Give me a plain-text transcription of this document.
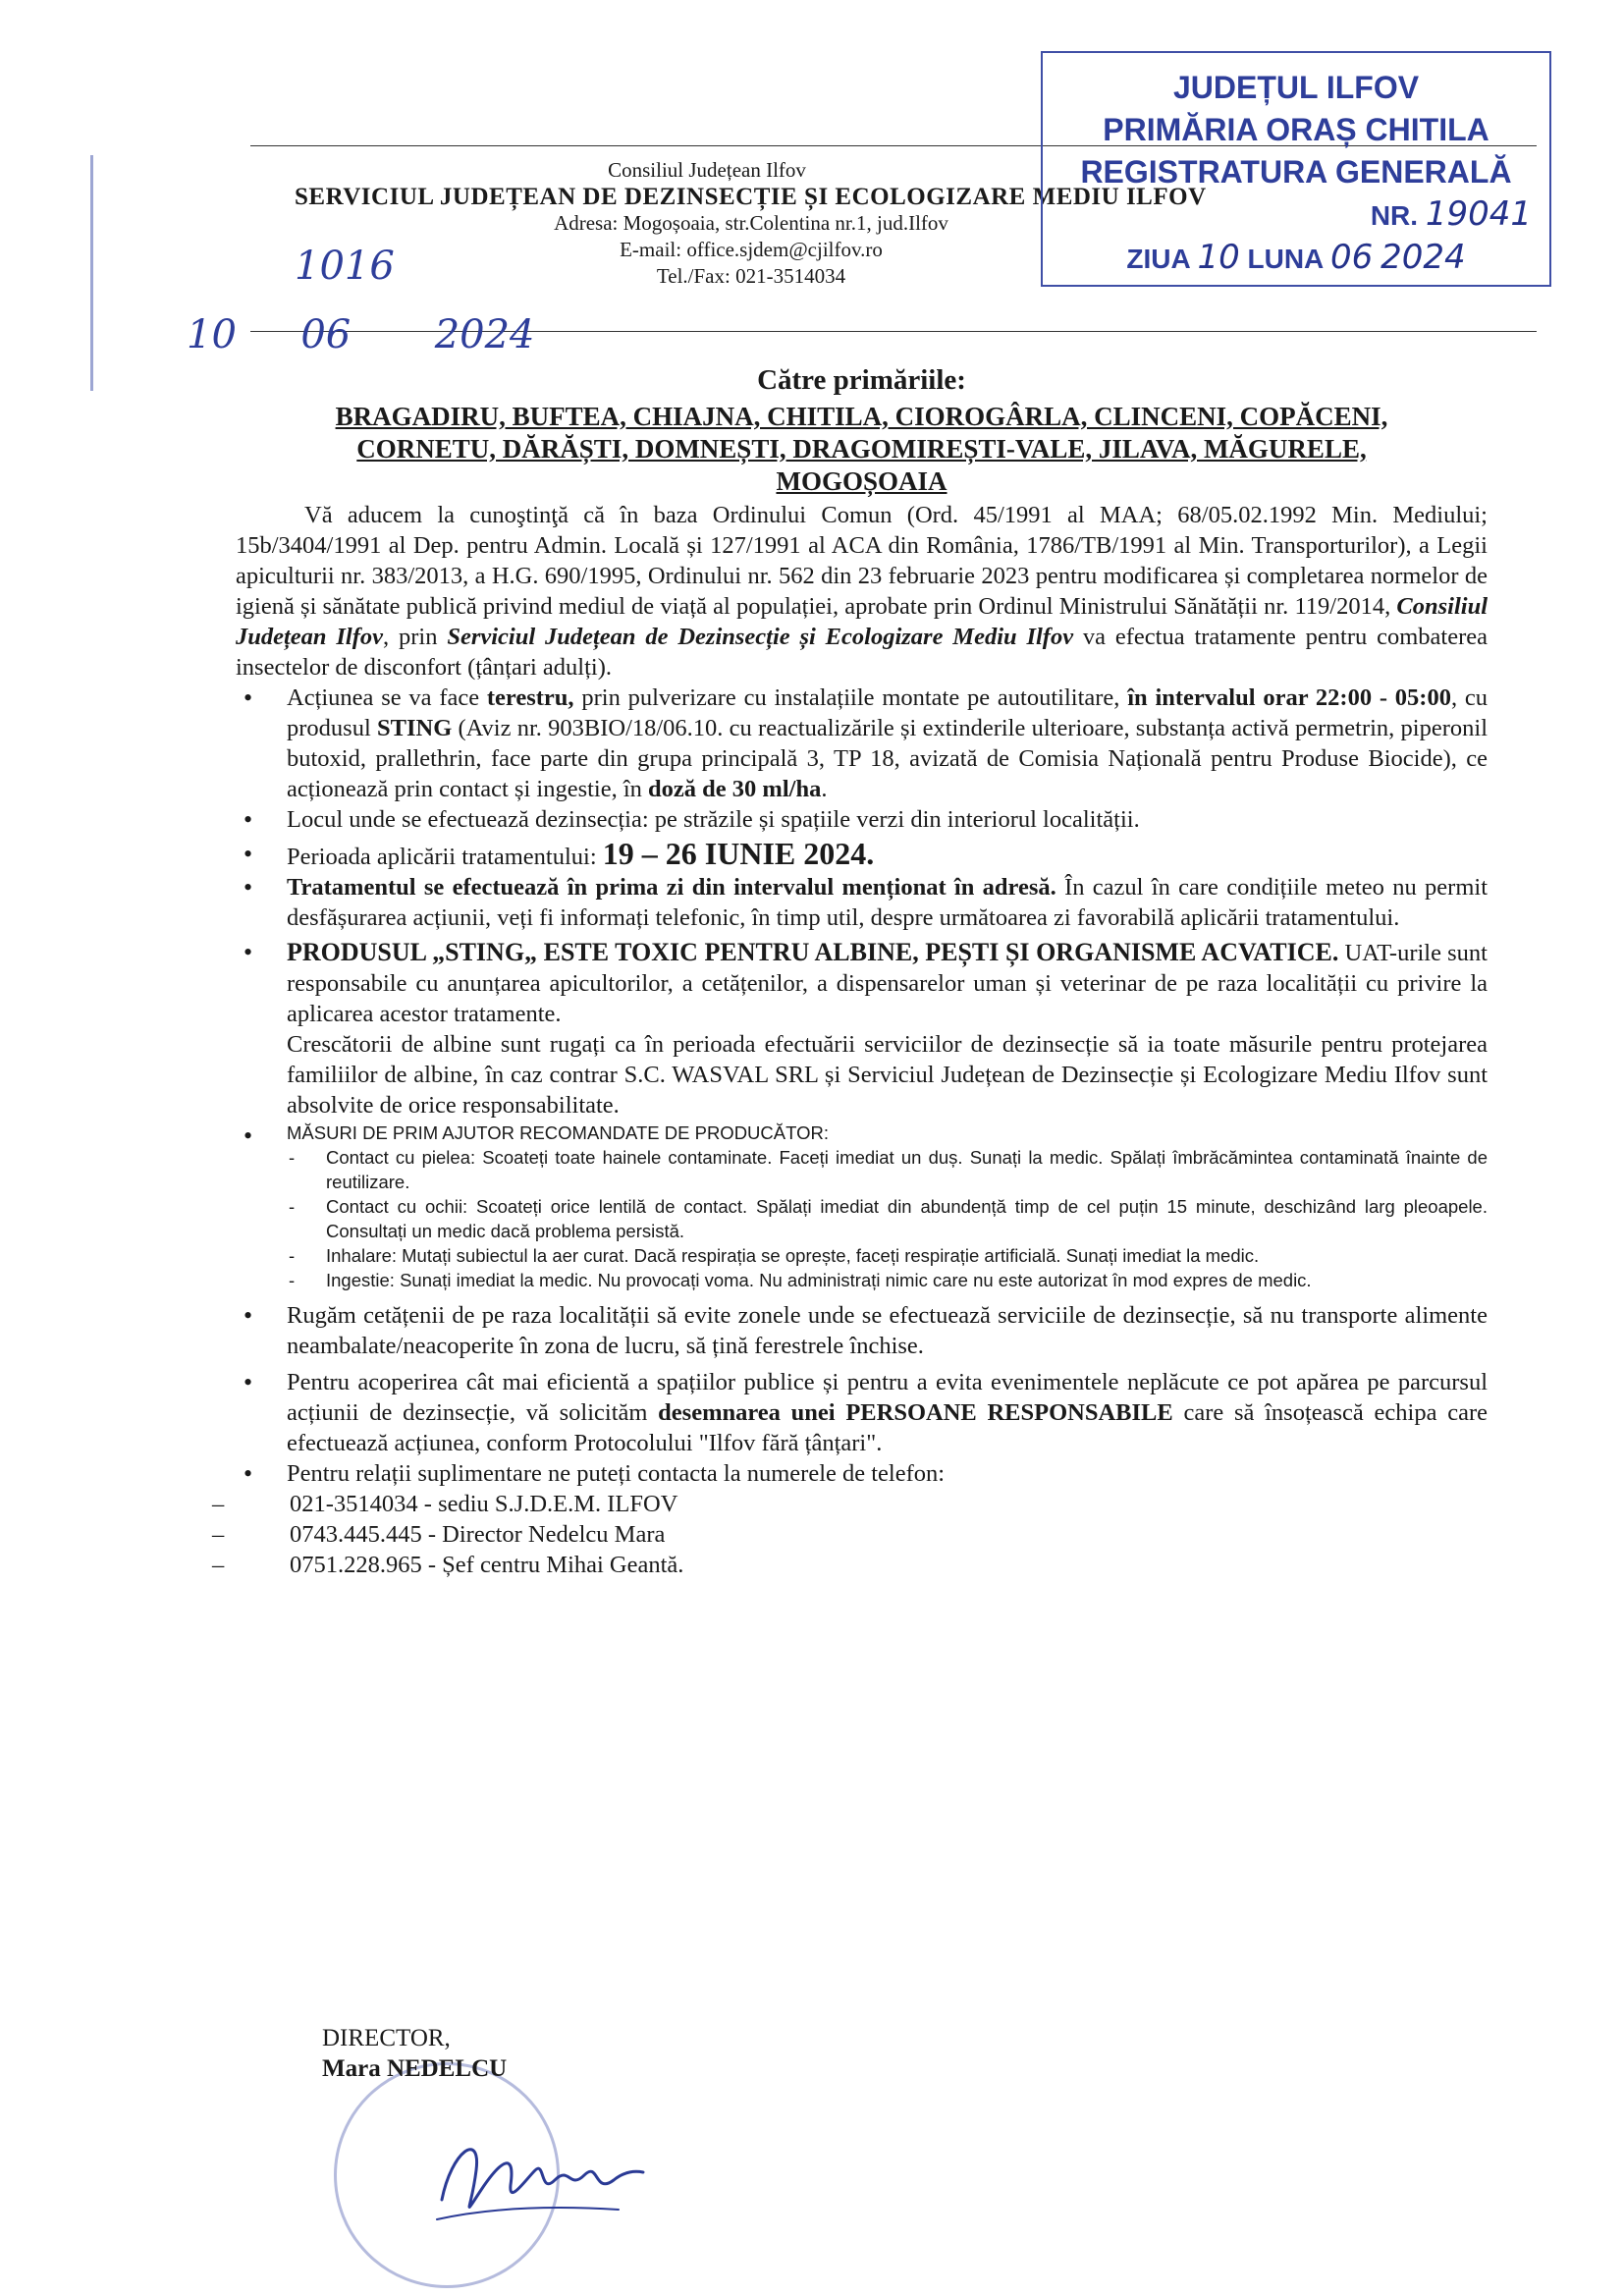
Consiliul Județean Ilfov
SERVICIUL JUDEȚEAN DE DEZINSECȚIE ȘI ECOLOGIZARE MEDIU ILFOV
Adresa: Mogoșoaia, str.Colentina nr.1, jud.Ilfov
E-mail: office.sjdem@cjilfov.ro
Tel./Fax: 021-3514034
JUDEȚUL ILFOV
PRIMĂRIA ORAȘ CHITILA
REGISTRATURA GENERALĂ
NR. 19041
ZIUA 10 LUNA 06 2024
1016
10 06 2024

Către primăriile:

BRAGADIRU, BUFTEA, CHIAJNA, CHITILA, CIOROGÂRLA, CLINCENI, COPĂCENI,
CORNETU, DĂRĂȘTI, DOMNEȘTI, DRAGOMIREȘTI-VALE, JILAVA, MĂGURELE,
MOGOȘOAIA

Vă aducem la cunoştinţă că în baza Ordinului Comun (Ord. 45/1991 al MAA; 68/05.02.1992 Min. Mediului; 15b/3404/1991 al Dep. pentru Admin. Locală și 127/1991 al ACA din România, 1786/TB/1991 al Min. Transporturilor), a Legii apiculturii nr. 383/2013, a H.G. 690/1995, Ordinului nr. 562 din 23 februarie 2023 pentru modificarea și completarea normelor de igienă și sănătate publică privind mediul de viață al populației, aprobate prin Ordinul Ministrului Sănătății nr. 119/2014, Consiliul Județean Ilfov, prin Serviciul Județean de Dezinsecție și Ecologizare Mediu Ilfov va efectua tratamente pentru combaterea insectelor de disconfort (țânțari adulți).

• Acțiunea se va face terestru, prin pulverizare cu instalațiile montate pe autoutilitare, în intervalul orar 22:00 - 05:00, cu produsul STING (Aviz nr. 903BIO/18/06.10. cu reactualizările și extinderile ulterioare, substanța activă permetrin, piperonil butoxid, prallethrin, face parte din grupa principală 3, TP 18, avizată de Comisia Națională pentru Produse Biocide), ce acționează prin contact și ingestie, în doză de 30 ml/ha.
• Locul unde se efectuează dezinsecția: pe străzile și spațiile verzi din interiorul localității.
• Perioada aplicării tratamentului: 19 – 26 IUNIE 2024.
• Tratamentul se efectuează în prima zi din intervalul menționat în adresă. În cazul în care condițiile meteo nu permit desfășurarea acțiunii, veți fi informați telefonic, în timp util, despre următoarea zi favorabilă aplicării tratamentului.
• PRODUSUL „STING„ ESTE TOXIC PENTRU ALBINE, PEȘTI ȘI ORGANISME ACVATICE. UAT-urile sunt responsabile cu anunțarea apicultorilor, a cetățenilor, a dispensarelor uman și veterinar de pe raza localității cu privire la aplicarea acestor tratamente.
Crescătorii de albine sunt rugați ca în perioada efectuării serviciilor de dezinsecție să ia toate măsurile pentru protejarea familiilor de albine, în caz contrar S.C. WASVAL SRL și Serviciul Județean de Dezinsecție și Ecologizare Mediu Ilfov sunt absolvite de orice responsabilitate.
• MĂSURI DE PRIM AJUTOR RECOMANDATE DE PRODUCĂTOR:
- Contact cu pielea: Scoateți toate hainele contaminate. Faceți imediat un duș. Sunați la medic. Spălați îmbrăcămintea contaminată înainte de reutilizare.
- Contact cu ochii: Scoateți orice lentilă de contact. Spălați imediat din abundență timp de cel puțin 15 minute, deschizând larg pleoapele. Consultați un medic dacă problema persistă.
- Inhalare: Mutați subiectul la aer curat. Dacă respirația se oprește, faceți respirație artificială. Sunați imediat la medic.
- Ingestie: Sunați imediat la medic. Nu provocați voma. Nu administrați nimic care nu este autorizat în mod expres de medic.
• Rugăm cetățenii de pe raza localității să evite zonele unde se efectuează serviciile de dezinsecție, să nu transporte alimente neambalate/neacoperite în zona de lucru, să țină ferestrele închise.
• Pentru acoperirea cât mai eficientă a spațiilor publice și pentru a evita evenimentele neplăcute ce pot apărea pe parcursul acțiunii de dezinsecție, vă solicităm desemnarea unei PERSOANE RESPONSABILE care să însoțească echipa care efectuează acțiunea, conform Protocolului "Ilfov fără țânțari".
• Pentru relații suplimentare ne puteți contacta la numerele de telefon:
– 021-3514034 - sediu S.J.D.E.M. ILFOV
– 0743.445.445 - Director Nedelcu Mara
– 0751.228.965 - Șef centru Mihai Geantă.
DIRECTOR,
Mara NEDELCU
